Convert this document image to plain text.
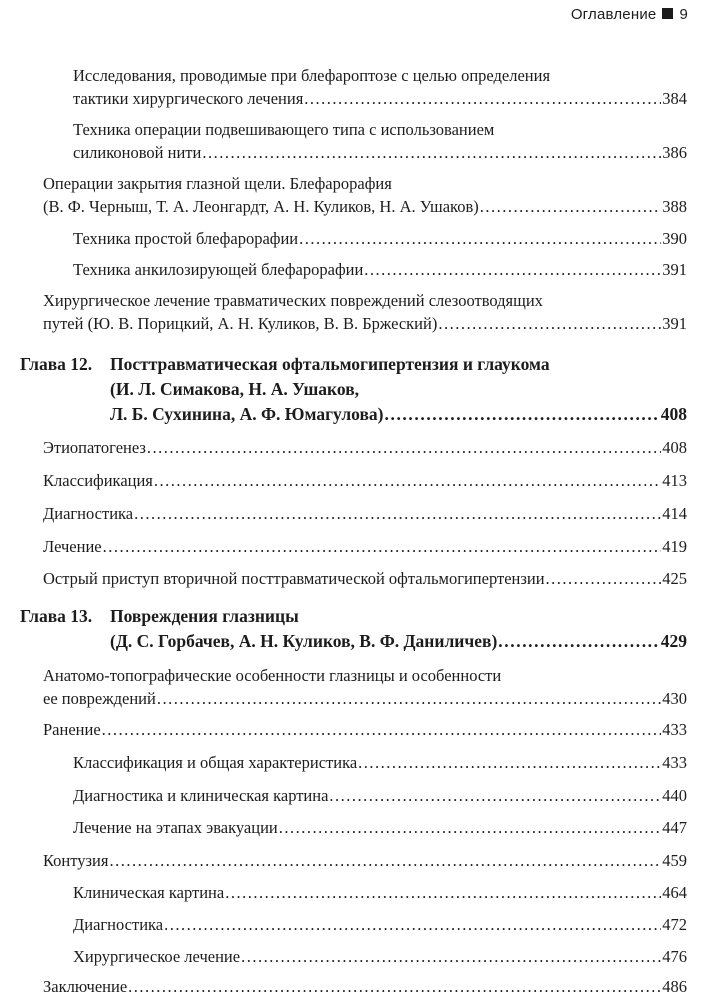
Оглавление 9
Исследования, проводимые при блефароптозе с целью определения
тактики хирургического лечения .....	384
Техника операции подвешивающего типа с использованием
силиконовой нити .....	386
Операции закрытия глазной щели. Блефарорафия
(В. Ф. Черныш, Т. А. Леонгардт, А. Н. Куликов, Н. А. Ушаков) .....	388
Техника простой блефарорафии .....	390
Техника анкилозирующей блефарорафии .....	391
Хирургическое лечение травматических повреждений слезоотводящих
путей (Ю. В. Порицкий, А. Н. Куликов, В. В. Бржеский) .....	391
Глава 12.	Посттравматическая офтальмогипертензия и глаукома
(И. Л. Симакова, Н. А. Ушаков,
Л. Б. Сухинина, А. Ф. Юмагулова) .....	408
Этиопатогенез .....	408
Классификация .....	413
Диагностика .....	414
Лечение .....	419
Острый приступ вторичной посттравматической офтальмогипертензии .....	425
Глава 13.	Повреждения глазницы
(Д. С. Горбачев, А. Н. Куликов, В. Ф. Даниличев) .....	429
Анатомо-топографические особенности глазницы и особенности
ее повреждений .....	430
Ранение .....	433
Классификация и общая характеристика .....	433
Диагностика и клиническая картина .....	440
Лечение на этапах эвакуации .....	447
Контузия .....	459
Клиническая картина .....	464
Диагностика .....	472
Хирургическое лечение .....	476
Заключение .....	486
